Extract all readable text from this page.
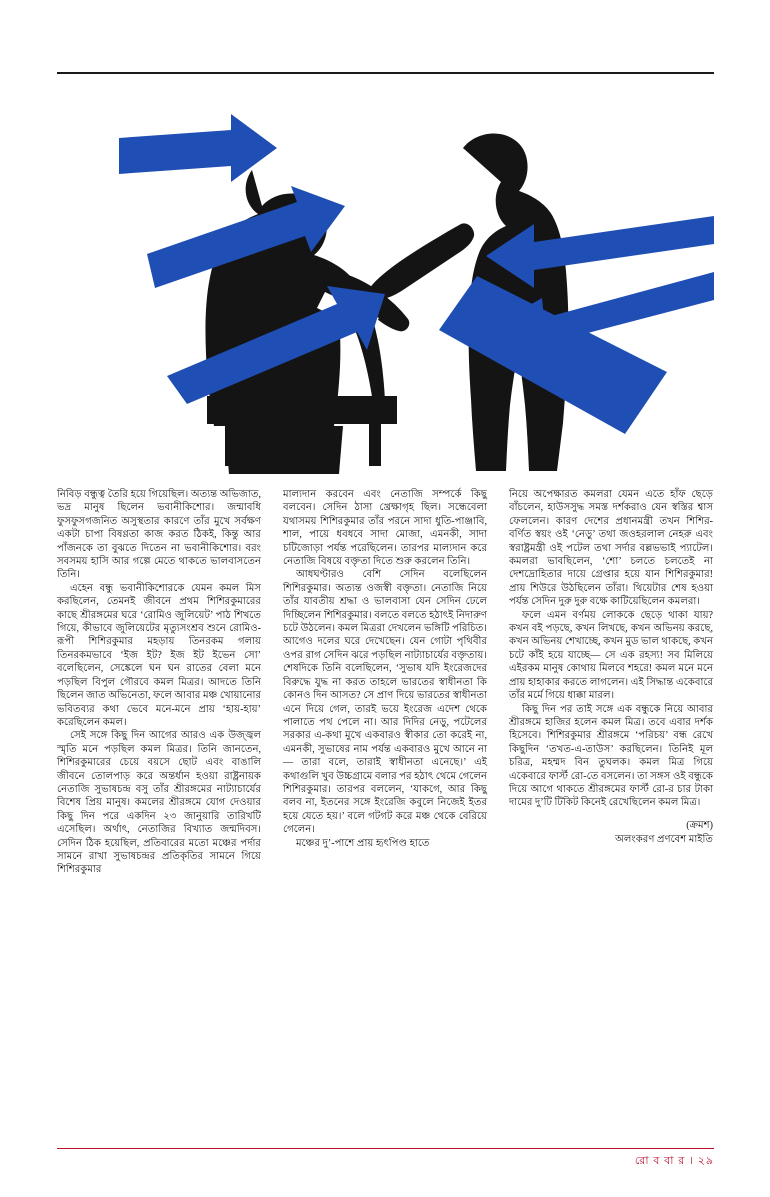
নিবিড় বন্ধুত্ব তৈরি হয়ে গিয়েছিল। অত্যন্ত অভিজাত, ভদ্র মানুষ ছিলেন ভবানীকিশোর। জন্মাবধি ফুসফুসগজনিত অসুস্থতার কারণে তাঁর মুখে সর্বক্ষণ একটা চাপা বিষণ্ণতা কাজ করত ঠিকই, কিন্তু আর পাঁজনকে তা বুঝতে দিতেন না ভবানীকিশোর। বরং সবসময় হাসি আর গল্পে মেতে থাকতে ভালবাসতেন তিনি।

এহেন বন্ধু ভবানীকিশোরকে যেমন কমল মিস করছিলেন, তেমনই জীবনে প্রথম শিশিরকুমারের কাছে শ্রীরঙ্গমের ঘরে ‘রোমিও জুলিয়েট’ পাঠ শিখতে গিয়ে, কীভাবে জুলিয়েটের মৃত্যুসংশ্রব শুনে রোমিও-রূপী শিশিরকুমার মহড়ায় তিনরকম গলায় তিনরকমভাবে ‘ইজ ইট? ইজ ইট ইভেন সো’ বলেছিলেন, সেঙ্কেলে ঘন ঘন রাতের বেলা মনে পড়ছিল বিপুল গৌরবে কমল মিত্রর। আদতে তিনি ছিলেন জাত অভিনেতা, ফলে আবার মঞ্চ খোয়ানোর ভবিতব্যর কথা ভেবে মনে-মনে প্রায় ‘হায়-হায়’ করেছিলেন কমল।

সেই সঙ্গে কিছু দিন আগের আরও এক উজ্জ্বল স্মৃতি মনে পড়ছিল কমল মিত্রর। তিনি জানতেন, শিশিরকুমারের চেয়ে বয়সে ছোট এবং বাঙালি জীবনে তোলপাড় করে অন্তর্ধান হওয়া রাষ্ট্রনায়ক নেতাজি সুভাষচন্দ্র বসু তাঁর শ্রীরঙ্গমের নাট্যাচার্যের বিশেষ প্রিয় মানুষ। কমলের শ্রীরঙ্গমে যোগ দেওয়ার কিছু দিন পরে একদিন ২৩ জানুয়ারি তারিখটি এসেছিল। অর্থাৎ, নেতাজির বিখ্যাত জন্মদিবস। সেদিন ঠিক হয়েছিল, প্রতিবারের মতো মঞ্চের পর্দার সামনে রাখা সুভাষচন্দ্রর প্রতিকৃতির সামনে গিয়ে শিশিরকুমার

মাল্যদান করবেন এবং নেতাজি সম্পর্কে কিছু বলবেন। সেদিন ঠাসা খ্রেক্ষাগৃহ ছিল। সন্ধেবেলা যথাসময় শিশিরকুমার তাঁর পরনে সাদা ধুতি-পাঞ্জাবি, শাল, পায়ে ধবধবে সাদা মোজা, এমনকী, সাদা চটিজোড়া পর্যন্ত পরেছিলেন। তারপর মাল্যদান করে নেতাজি বিষয়ে বক্তৃতা দিতে শুরু করলেন তিনি।

আধঘণ্টারও বেশি সেদিন বলেছিলেন শিশিরকুমার। অত্যন্ত ওজস্বী বক্তৃতা। নেতাজি নিয়ে তাঁর যাবতীয় শ্রদ্ধা ও ভালবাসা যেন সেদিন ঢেলে দিচ্ছিলেন শিশিরকুমার। বলতে বলতে হঠাৎই নিদারুণ চটে উঠলেন। কমল মিত্ররা দেখলেন ভঙ্গিটি পরিচিত। আগেও দলের ঘরে দেখেছেন। যেন গোটা পৃথিবীর ওপর রাগ সেদিন ঝরে পড়ছিল নাট্যাচার্যের বক্তৃতায়। শেষদিকে তিনি বলেছিলেন, ‘সুভাষ যদি ইংরেজদের বিরুদ্ধে যুদ্ধ না করত তাহলে ভারতের স্বাধীনতা কি কোনও দিন আসত? সে প্রাণ দিয়ে ভারতের স্বাধীনতা এনে দিয়ে গেল, তারই ভয়ে ইংরেজ এদেশ থেকে পালাতে পথ পেলে না। আর দিদির নেড়ু, পটেলের সরকার এ-কথা মুখে একবারও স্বীকার তো করেই না, এমনকী, সুভাষের নাম পর্যন্ত একবারও মুখে আনে না— তারা বলে, তারাই স্বাধীনতা এনেছে।’ এই কথাগুলি খুব উচ্চগ্রামে বলার পর হঠাৎ থেমে গেলেন শিশিরকুমার। তারপর বললেন, ‘যাকগে, আর কিছু বলব না, ইতনের সঙ্গে ইংরেজি কবুলে নিজেই ইতর হয়ে যেতে হয়।’ বলে গটগট করে মঞ্চ থেকে বেরিয়ে গেলেন।

মঞ্চের দু’-পাশে প্রায় হৃৎপিণ্ড হাতে

নিয়ে অপেক্ষারত কমলরা যেমন এতে হাঁফ ছেড়ে বাঁচলেন, হাউসসুদ্ধ সমস্ত দর্শকরাও যেন স্বস্তির শ্বাস ফেললেন। কারণ দেশের প্রধানমন্ত্রী তখন শিশির-বর্ণিত স্বয়ং ওই ‘নেড়ু’ তথা জওহরলাল নেহরু এবং স্বরাষ্ট্রমন্ত্রী ওই পটেল তথা সর্দার বল্লভভাই প্যাটেল। কমলরা ভাবছিলেন, ‘শো’ চলতে চলতেই না দেশদ্রোহিতার দায়ে গ্রেপ্তার হয়ে যান শিশিরকুমার! প্রায় শিউরে উঠছিলেন তাঁরা। থিয়েটার শেষ হওয়া পর্যন্ত সেদিন দুরু দুরু বক্ষে কাটিয়েছিলেন কমলরা।

ফলে এমন বর্ণময় লোককে ছেড়ে থাকা যায়? কখন বই পড়ছে, কখন লিখছে, কখন অভিনয় করছে, কখন অভিনয় শেখাচ্ছে, কখন মুড ভাল থাকছে, কখন চটে কাঁই হয়ে যাচ্ছে— সে এক রহস্য! সব মিলিয়ে এইরকম মানুষ কোথায় মিলবে শহরে! কমল মনে মনে প্রায় হাহাকার করতে লাগলেন। এই সিদ্ধান্ত একেবারে তাঁর মর্মে গিয়ে ধাক্কা মারল।

কিছু দিন পর তাই সঙ্গে এক বন্ধুকে নিয়ে আবার শ্রীরঙ্গমে হাজির হলেন কমল মিত্র। তবে এবার দর্শক হিসেবে। শিশিরকুমার শ্রীরঙ্গমে ‘পরিচয়’ বন্ধ রেখে কিছুদিন ‘তখত-এ-তাউস’ করছিলেন। তিনিই মূল চরিত্র, মহম্মদ বিন তুঘলক। কমল মিত্র গিয়ে একেবারে ফার্স্ট রো-তে বসলেন। তা সঙ্গস ওই বন্ধুকে দিয়ে আগে থাকতে শ্রীরঙ্গমের ফার্স্ট রো-র চার টাকা দামের দু’টি টিকিট কিনেই রেখেছিলেন কমল মিত্র।

(ক্রমশ)
অলংকরণ প্রণবেশ মাইতি
রো ব বা র । ২৯
